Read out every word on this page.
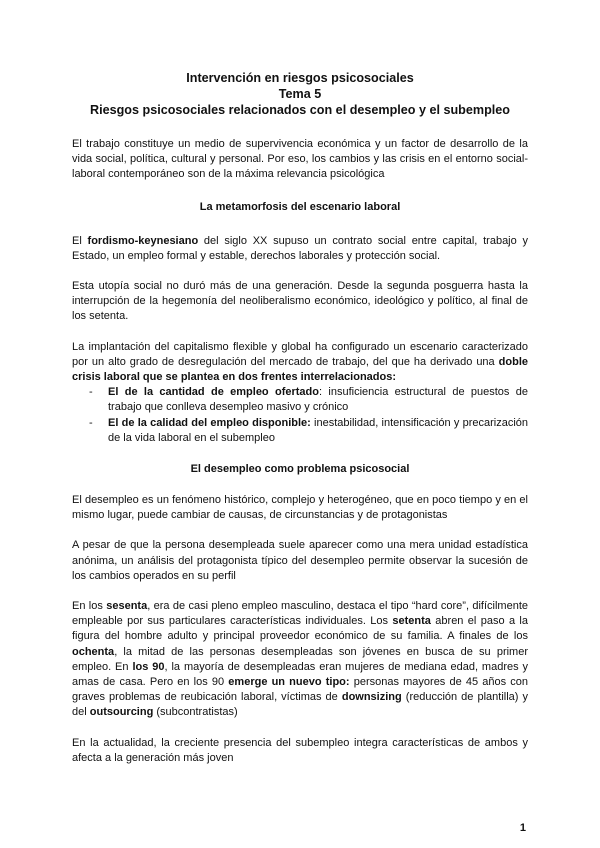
Intervención en riesgos psicosociales

Tema 5

Riesgos psicosociales relacionados con el desempleo y el subempleo

El trabajo constituye un medio de supervivencia económica y un factor de desarrollo de la vida social, política, cultural y personal. Por eso, los cambios y las crisis en el entorno social-laboral contemporáneo son de la máxima relevancia psicológica

La metamorfosis del escenario laboral

El fordismo-keynesiano del siglo XX supuso un contrato social entre capital, trabajo y Estado, un empleo formal y estable, derechos laborales y protección social.

Esta utopía social no duró más de una generación. Desde la segunda posguerra hasta la interrupción de la hegemonía del neoliberalismo económico, ideológico y político, al final de los setenta.

La implantación del capitalismo flexible y global ha configurado un escenario caracterizado por un alto grado de desregulación del mercado de trabajo, del que ha derivado una doble crisis laboral que se plantea en dos frentes interrelacionados:

- El de la cantidad de empleo ofertado: insuficiencia estructural de puestos de trabajo que conlleva desempleo masivo y crónico
- El de la calidad del empleo disponible: inestabilidad, intensificación y precarización de la vida laboral en el subempleo

El desempleo como problema psicosocial

El desempleo es un fenómeno histórico, complejo y heterogéneo, que en poco tiempo y en el mismo lugar, puede cambiar de causas, de circunstancias y de protagonistas

A pesar de que la persona desempleada suele aparecer como una mera unidad estadística anónima, un análisis del protagonista típico del desempleo permite observar la sucesión de los cambios operados en su perfil

En los sesenta, era de casi pleno empleo masculino, destaca el tipo “hard core”, difícilmente empleable por sus particulares características individuales. Los setenta abren el paso a la figura del hombre adulto y principal proveedor económico de su familia. A finales de los ochenta, la mitad de las personas desempleadas son jóvenes en busca de su primer empleo. En los 90, la mayoría de desempleadas eran mujeres de mediana edad, madres y amas de casa. Pero en los 90 emerge un nuevo tipo: personas mayores de 45 años con graves problemas de reubicación laboral, víctimas de downsizing (reducción de plantilla) y del outsourcing (subcontratistas)

En la actualidad, la creciente presencia del subempleo integra características de ambos y afecta a la generación más joven

1
